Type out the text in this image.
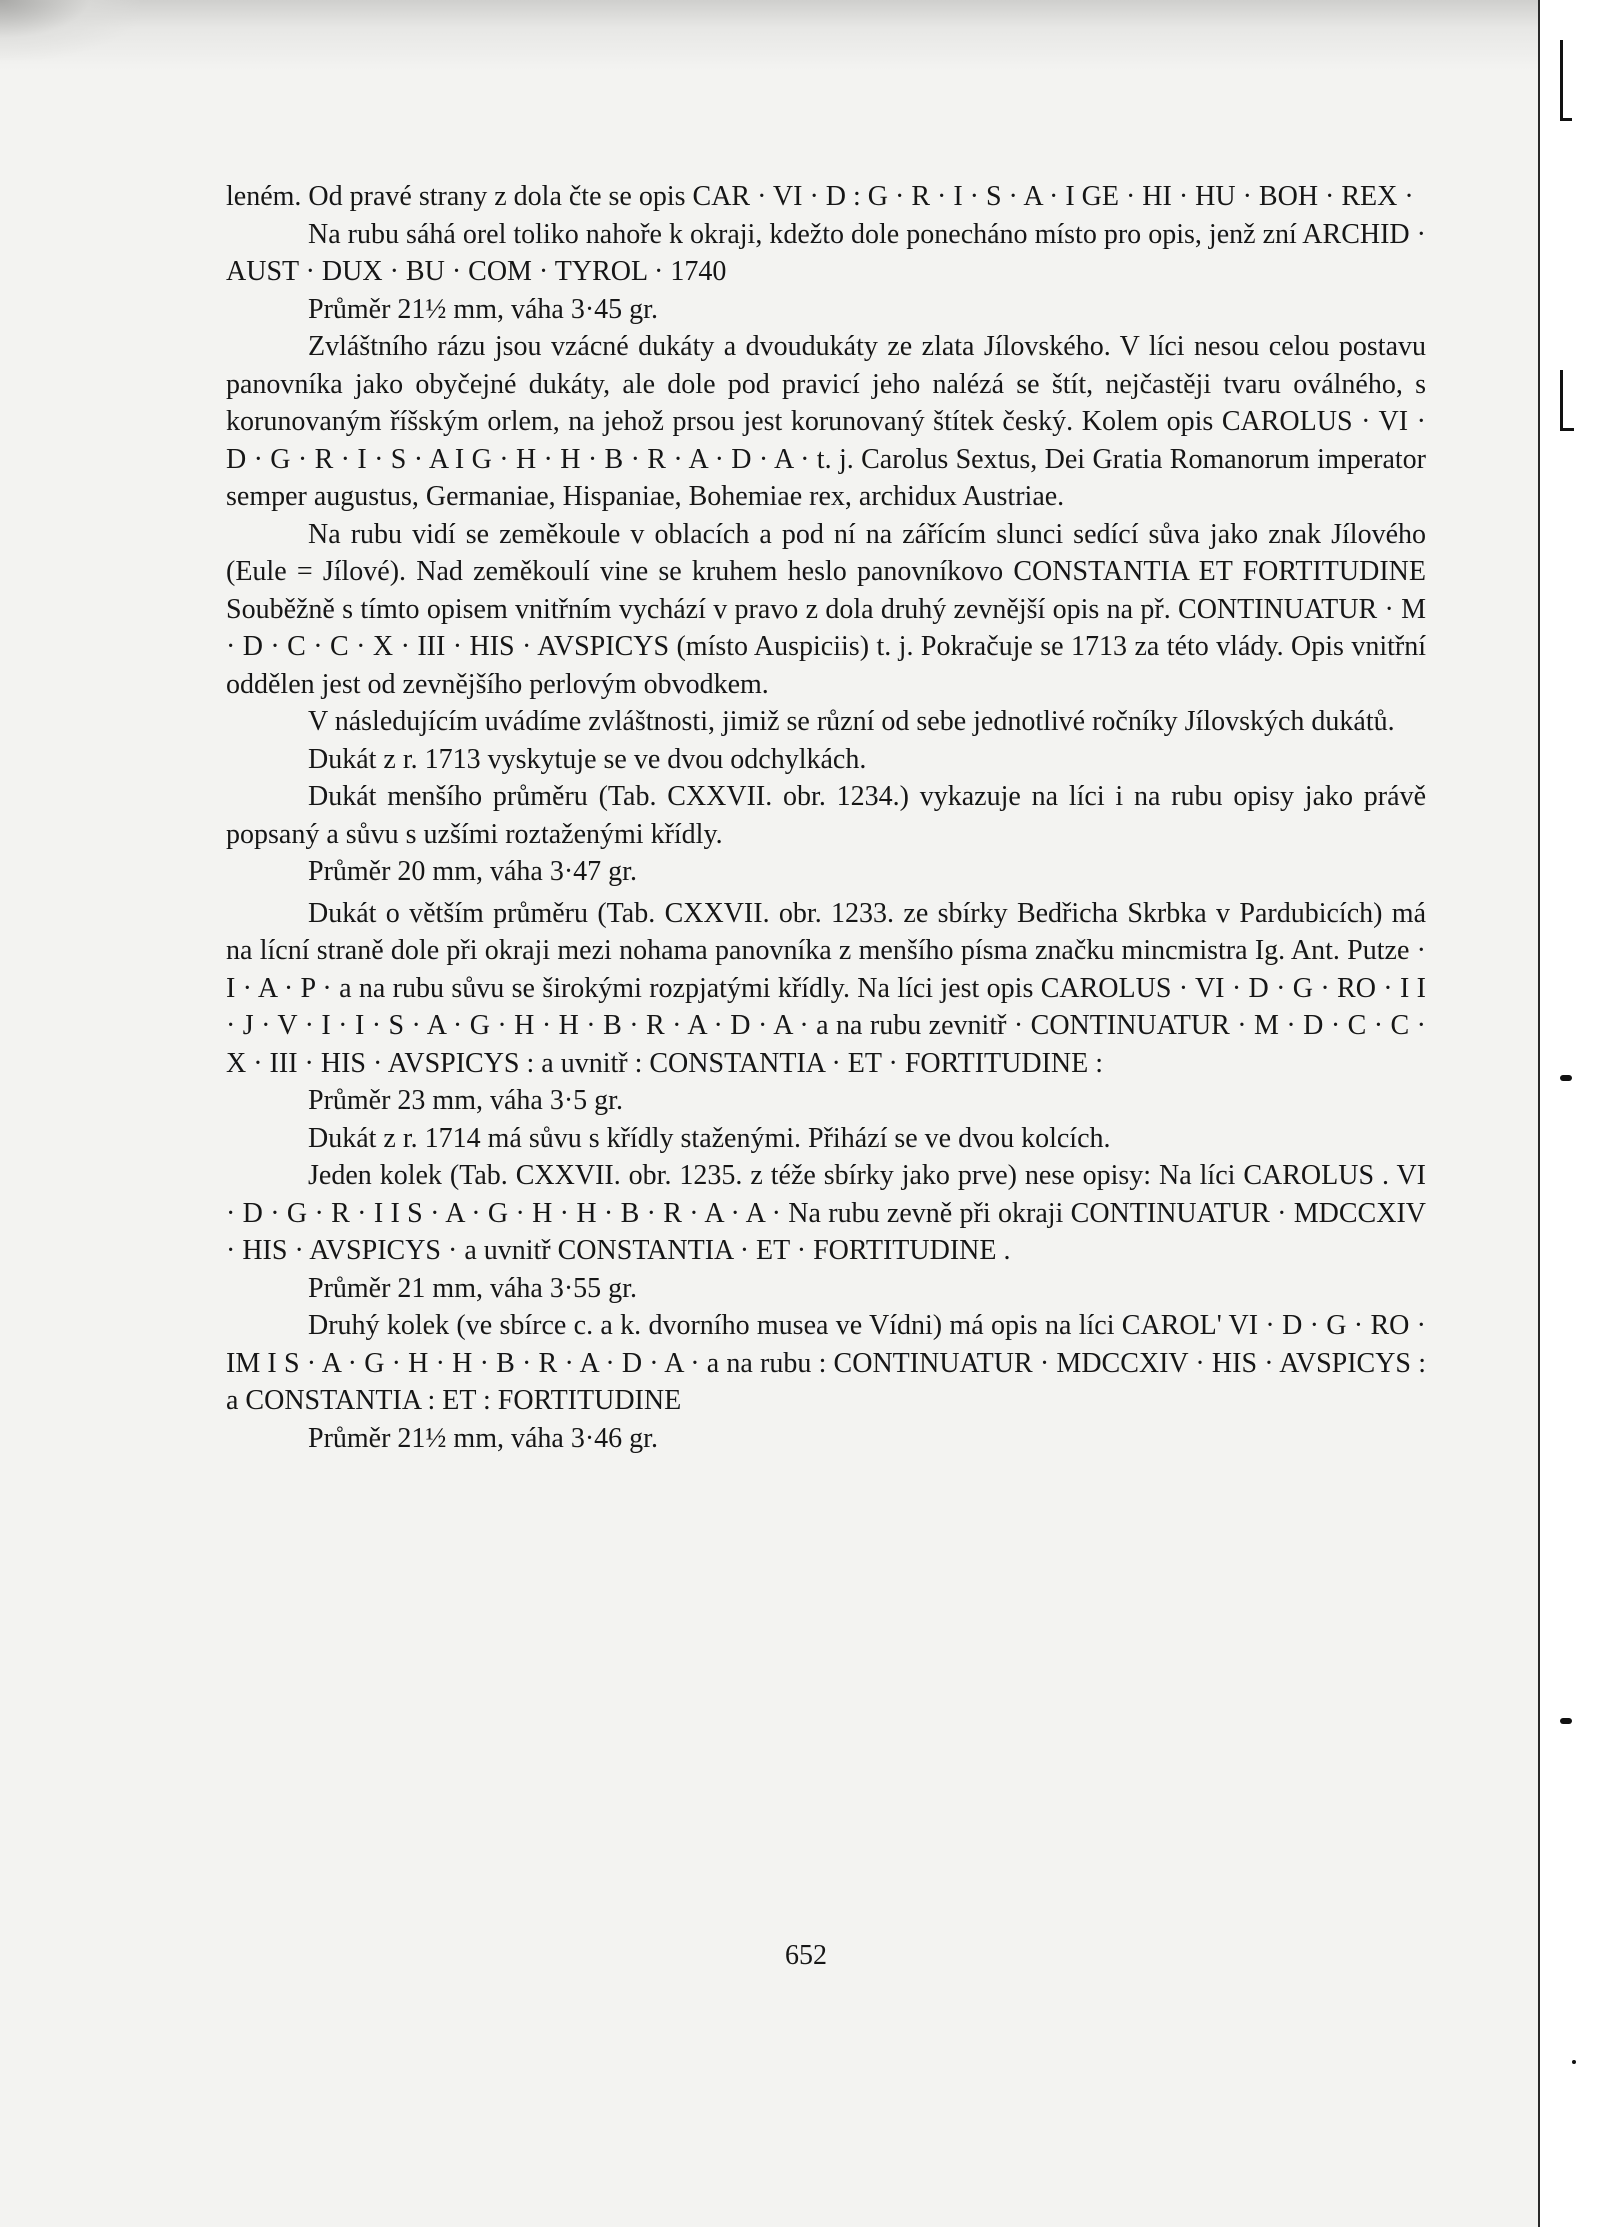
leném. Od pravé strany z dola čte se opis CAR · VI · D : G · R · I · S · A · I GE · HI · HU · BOH · REX ·

Na rubu sáhá orel toliko nahoře k okraji, kdežto dole ponecháno místo pro opis, jenž zní ARCHID · AUST · DUX · BU · COM · TYROL · 1740

Průměr 21½ mm, váha 3·45 gr.

Zvláštního rázu jsou vzácné dukáty a dvoudukáty ze zlata Jílovského. V líci nesou celou postavu panovníka jako obyčejné dukáty, ale dole pod pravicí jeho nalézá se štít, nejčastěji tvaru oválného, s korunovaným říšským orlem, na jehož prsou jest korunovaný štítek český. Kolem opis CAROLUS · VI · D · G · R · I · S · A I G · H · H · B · R · A · D · A · t. j. Carolus Sextus, Dei Gratia Romanorum imperator semper augustus, Germaniae, Hispaniae, Bohemiae rex, archidux Austriae.

Na rubu vidí se zeměkoule v oblacích a pod ní na zářícím slunci sedící sůva jako znak Jílového (Eule = Jílové). Nad zeměkoulí vine se kruhem heslo panovníkovo CONSTANTIA ET FORTITUDINE Souběžně s tímto opisem vnitřním vychází v pravo z dola druhý zevnější opis na př. CONTINUATUR · M · D · C · C · X · III · HIS · AVSPICYS (místo Auspiciis) t. j. Pokračuje se 1713 za této vlády. Opis vnitřní oddělen jest od zevnějšího perlovým obvodkem.

V následujícím uvádíme zvláštnosti, jimiž se různí od sebe jednotlivé ročníky Jílovských dukátů.

Dukát z r. 1713 vyskytuje se ve dvou odchylkách.

Dukát menšího průměru (Tab. CXXVII. obr. 1234.) vykazuje na líci i na rubu opisy jako právě popsaný a sůvu s uzšími roztaženými křídly.

Průměr 20 mm, váha 3·47 gr.

Dukát o větším průměru (Tab. CXXVII. obr. 1233. ze sbírky Bedřicha Skrbka v Pardubicích) má na lícní straně dole při okraji mezi nohama panovníka z menšího písma značku mincmistra Ig. Ant. Putze · I · A · P · a na rubu sůvu se širokými rozpjatými křídly. Na líci jest opis CAROLUS · VI · D · G · RO · I I · J · V · I · I · S · A · G · H · H · B · R · A · D · A · a na rubu zevnitř · CONTINUATUR · M · D · C · C · X · III · HIS · AVSPICYS : a uvnitř : CONSTANTIA · ET · FORTITUDINE :

Průměr 23 mm, váha 3·5 gr.

Dukát z r. 1714 má sůvu s křídly staženými. Přihází se ve dvou kolcích.

Jeden kolek (Tab. CXXVII. obr. 1235. z téže sbírky jako prve) nese opisy: Na líci CAROLUS . VI · D · G · R · I I S · A · G · H · H · B · R · A · A · Na rubu zevně při okraji CONTINUATUR · MDCCXIV · HIS · AVSPICYS · a uvnitř CONSTANTIA · ET · FORTITUDINE .

Průměr 21 mm, váha 3·55 gr.

Druhý kolek (ve sbírce c. a k. dvorního musea ve Vídni) má opis na líci CAROL' VI · D · G · RO · IM I S · A · G · H · H · B · R · A · D · A · a na rubu : CONTINUATUR · MDCCXIV · HIS · AVSPICYS : a CONSTANTIA : ET : FORTITUDINE

Průměr 21½ mm, váha 3·46 gr.

652
